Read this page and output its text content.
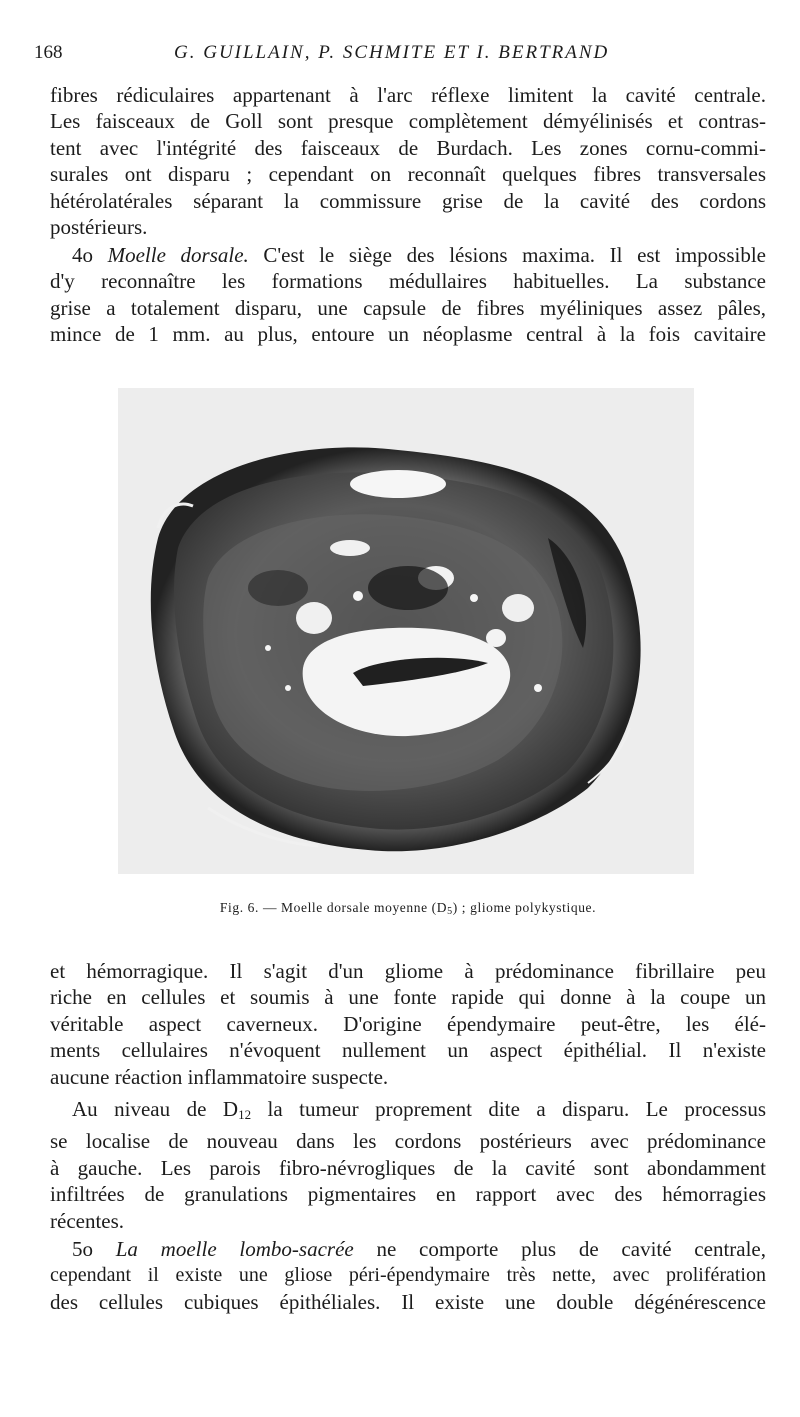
168	G. GUILLAIN, P. SCHMITE ET I. BERTRAND

fibres rédiculaires appartenant à l'arc réflexe limitent la cavité centrale.
Les faisceaux de Goll sont presque complètement démyélinisés et contras-
tent avec l'intégrité des faisceaux de Burdach. Les zones cornu-commi-
surales ont disparu ; cependant on reconnaît quelques fibres transversales
hétérolatérales séparant la commissure grise de la cavité des cordons
postérieurs.

4o Moelle dorsale. C'est le siège des lésions maxima. Il est impossible
d'y reconnaître les formations médullaires habituelles. La substance
grise a totalement disparu, une capsule de fibres myéliniques assez pâles,
mince de 1 mm. au plus, entoure un néoplasme central à la fois cavitaire

Fig. 6. — Moelle dorsale moyenne $(D_5)$ ; gliome polykystique.

et hémorragique. Il s'agit d'un gliome à prédominance fibrillaire peu
riche en cellules et soumis à une fonte rapide qui donne à la coupe un
véritable aspect caverneux. D'origine épendymaire peut-être, les élé-
ments cellulaires n'évoquent nullement un aspect épithélial. Il n'existe
aucune réaction inflammatoire suspecte.

Au niveau de $D_{12}$ la tumeur proprement dite a disparu. Le processus
se localise de nouveau dans les cordons postérieurs avec prédominance
à gauche. Les parois fibro-névrogliques de la cavité sont abondamment
infiltrées de granulations pigmentaires en rapport avec des hémorragies
récentes.

5o La moelle lombo-sacrée ne comporte plus de cavité centrale,
cependant il existe une gliose péri-épendymaire très nette, avec prolifération
des cellules cubiques épithéliales. Il existe une double dégénérescence
